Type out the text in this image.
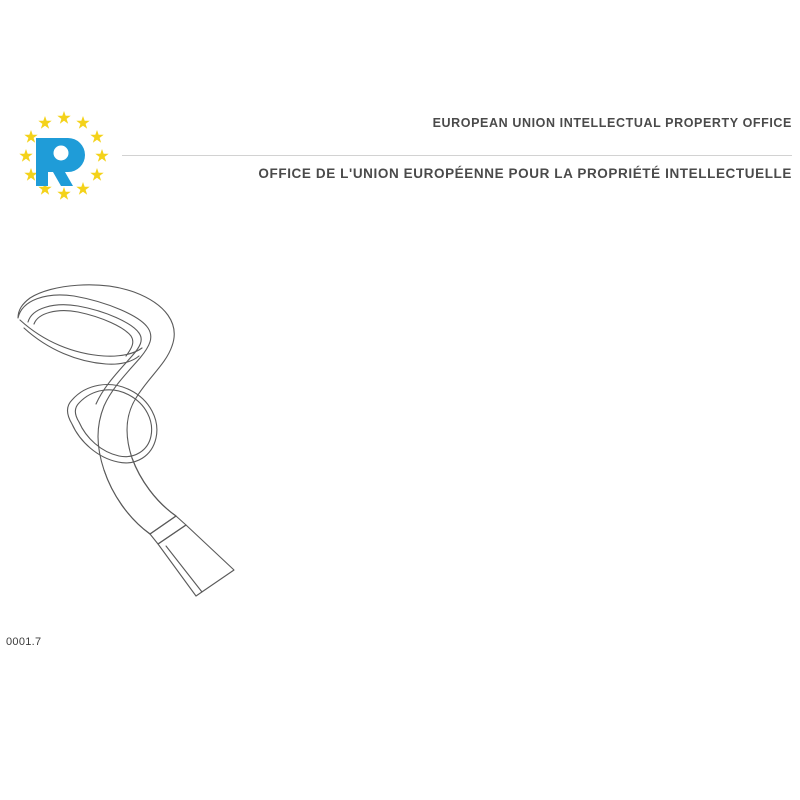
EUROPEAN UNION INTELLECTUAL PROPERTY OFFICE
OFFICE DE L'UNION EUROPÉENNE POUR LA PROPRIÉTÉ INTELLECTUELLE
0001.7
